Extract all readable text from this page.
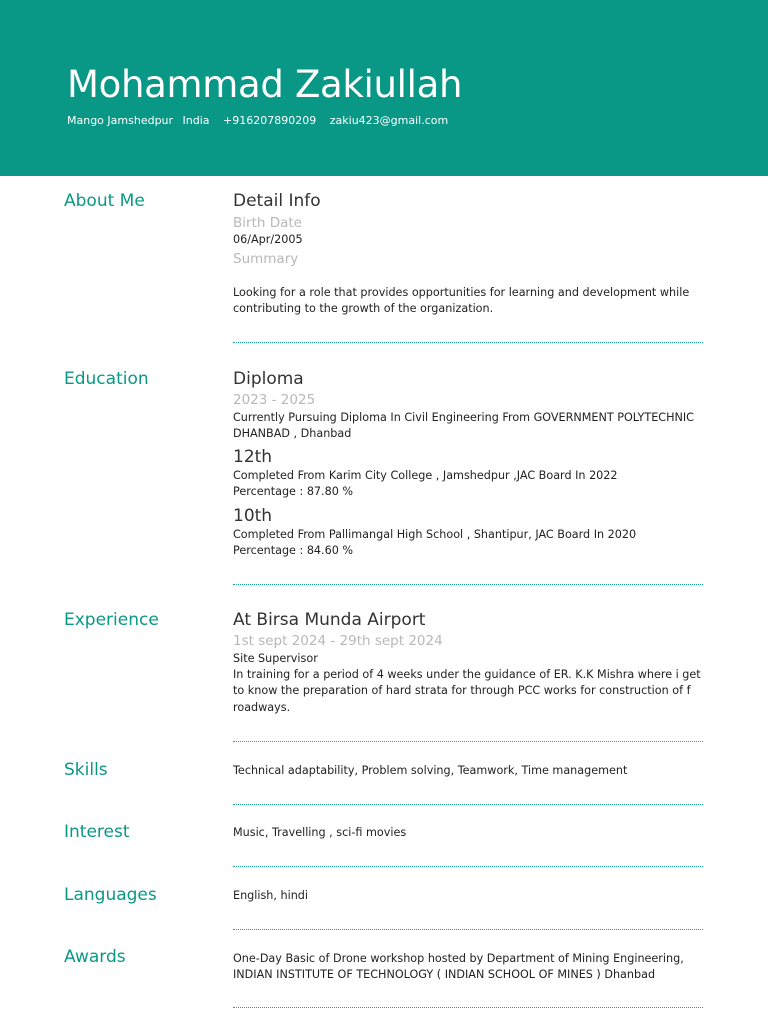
Mohammad Zakiullah
Mango Jamshedpur India +916207890209 zakiu423@gmail.com
About Me	Detail Info
Birth Date
06/Apr/2005
Summary
Looking for a role that provides opportunities for learning and development while contributing to the growth of the organization.
Education	Diploma
2023 - 2025
Currently Pursuing Diploma In Civil Engineering From GOVERNMENT POLYTECHNIC DHANBAD , Dhanbad
12th
Completed From Karim City College , Jamshedpur ,JAC Board In 2022
Percentage : 87.80 %
10th
Completed From Pallimangal High School , Shantipur, JAC Board In 2020
Percentage : 84.60 %
Experience	At Birsa Munda Airport
1st sept 2024 - 29th sept 2024
Site Supervisor
In training for a period of 4 weeks under the guidance of ER. K.K Mishra where i get to know the preparation of hard strata for through PCC works for construction of f roadways.
Skills	Technical adaptability, Problem solving, Teamwork, Time management
Interest	Music, Travelling , sci-fi movies
Languages	English, hindi
Awards	One-Day Basic of Drone workshop hosted by Department of Mining Engineering, INDIAN INSTITUTE OF TECHNOLOGY ( INDIAN SCHOOL OF MINES ) Dhanbad
